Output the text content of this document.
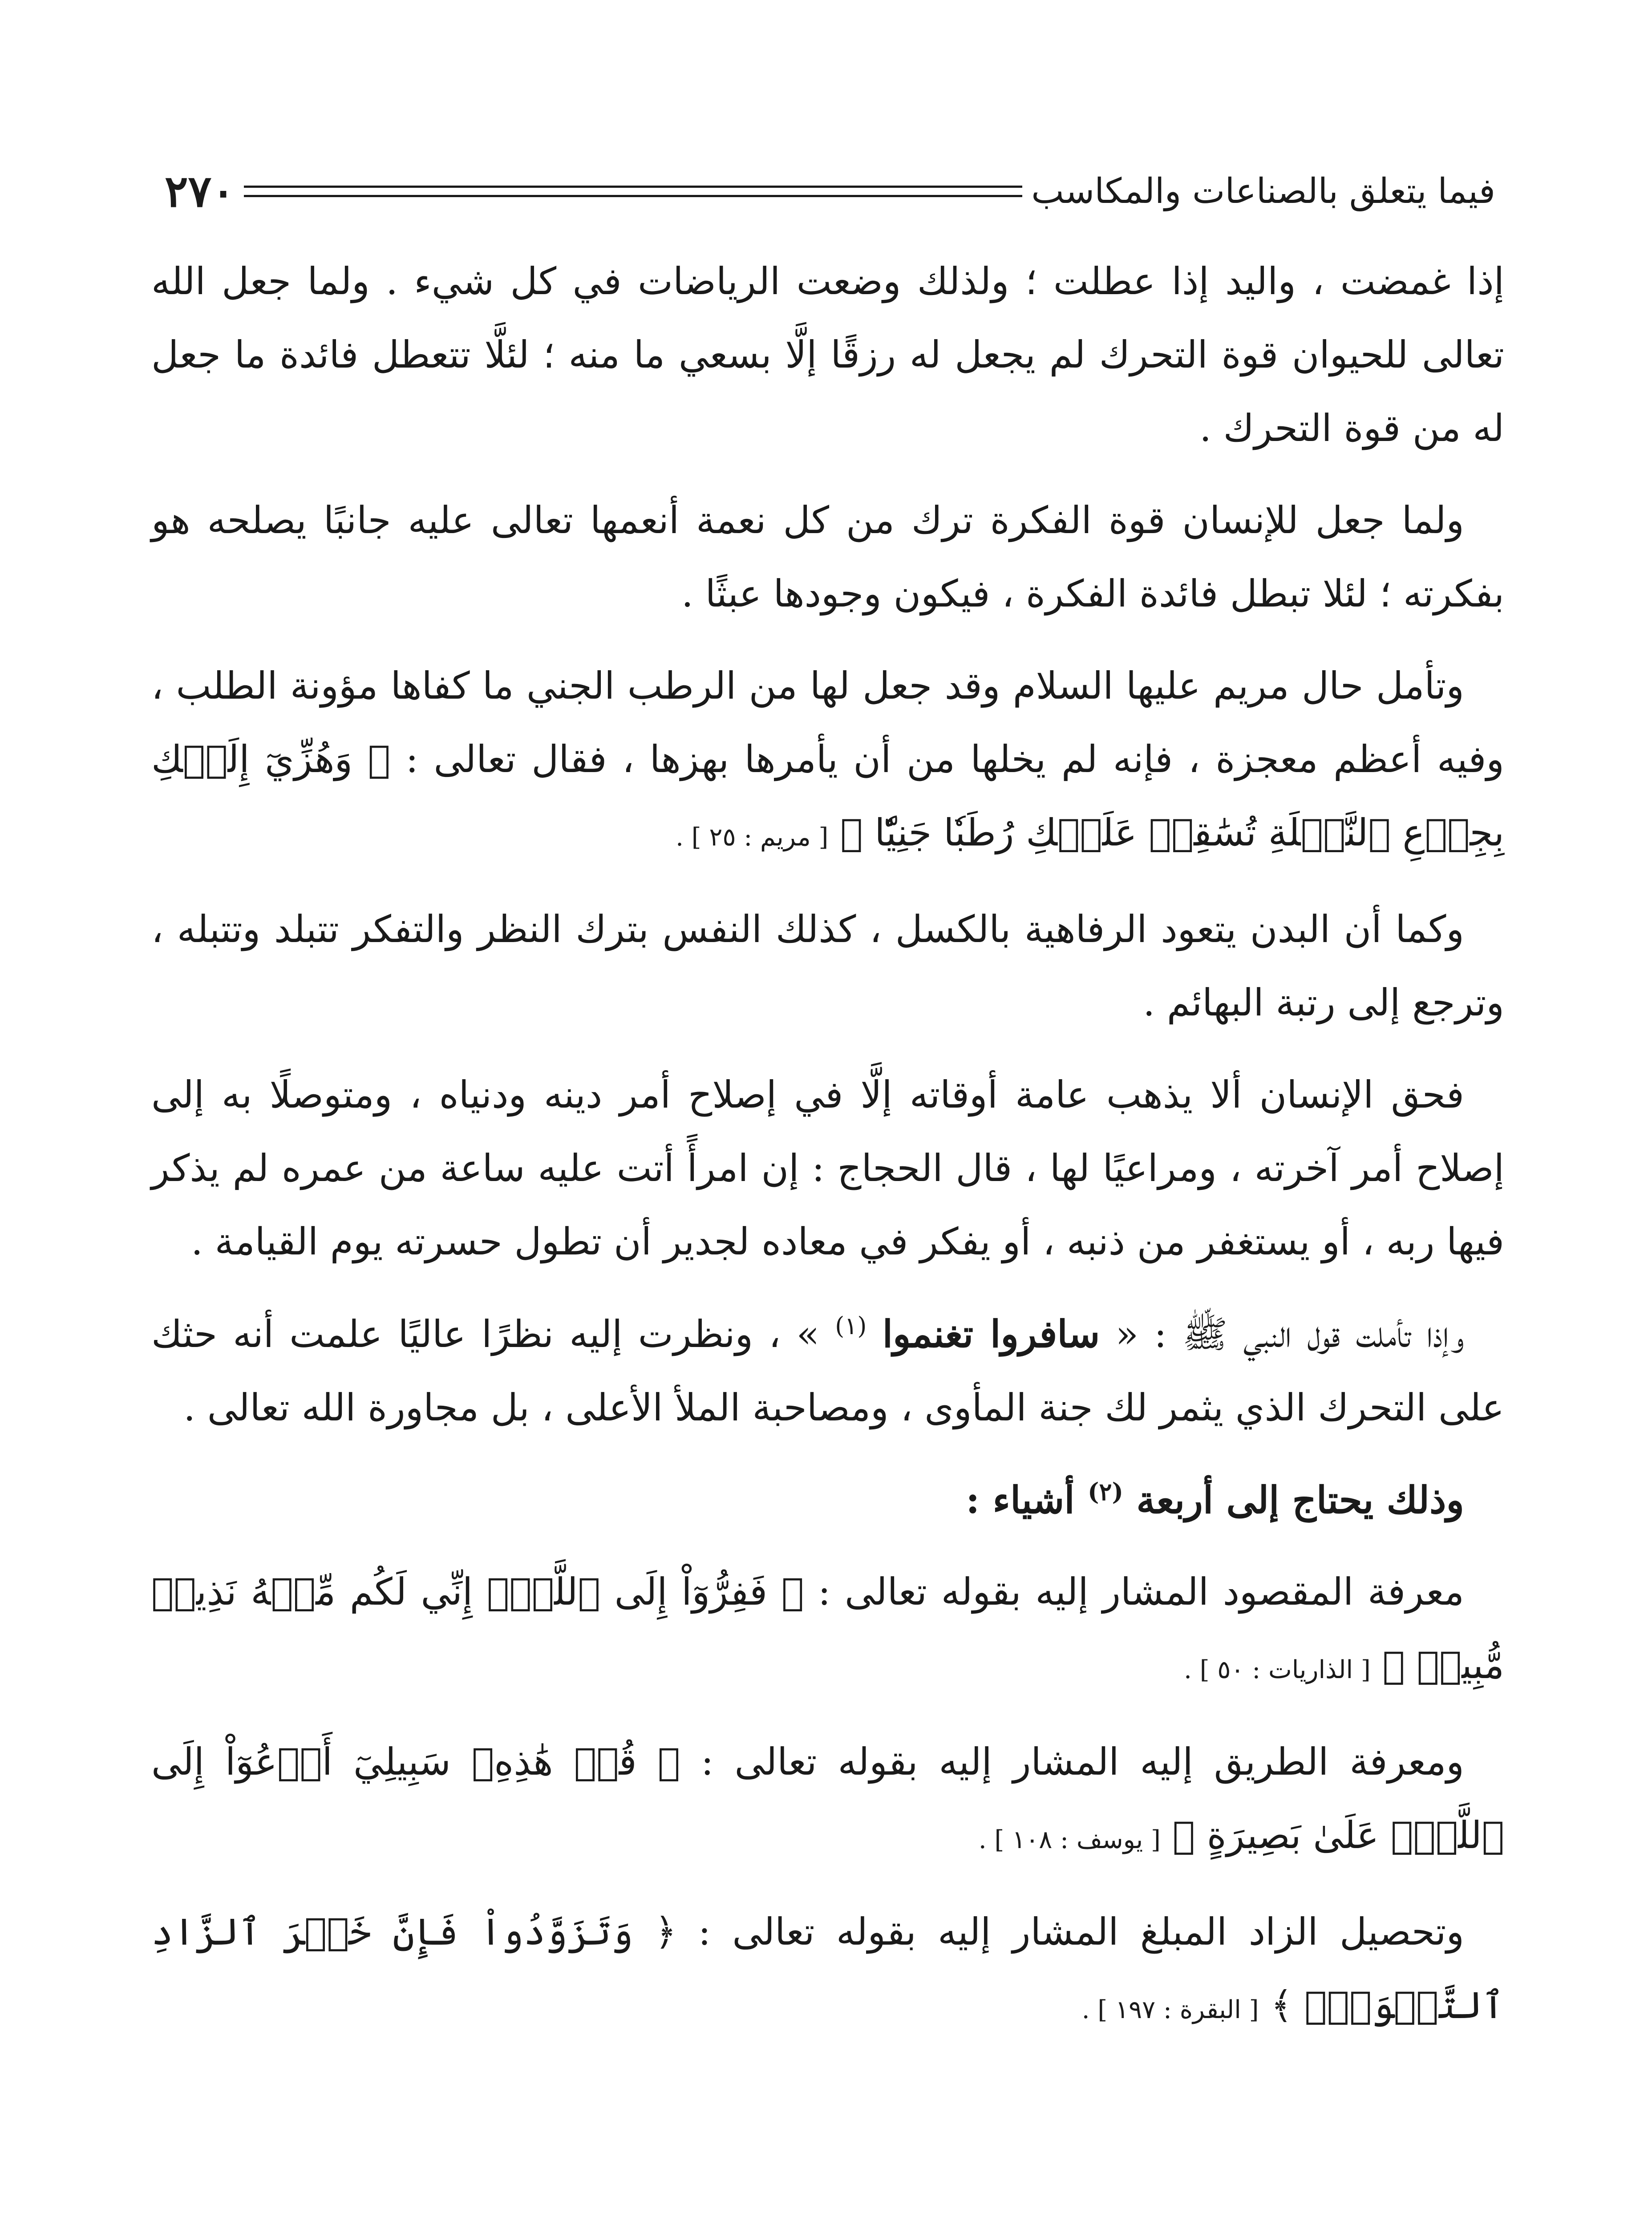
فيما يتعلق بالصناعات والمكاسب
٢٧٠

إذا غمضت ، واليد إذا عطلت ؛ ولذلك وضعت الرياضات في كل شيء . ولما جعل الله تعالى للحيوان قوة التحرك لم يجعل له رزقًا إلَّا بسعي ما منه ؛ لئلَّا تتعطل فائدة ما جعل له من قوة التحرك .

ولما جعل للإنسان قوة الفكرة ترك من كل نعمة أنعمها تعالى عليه جانبًا يصلحه هو بفكرته ؛ لئلا تبطل فائدة الفكرة ، فيكون وجودها عبثًا .

وتأمل حال مريم عليها السلام وقد جعل لها من الرطب الجني ما كفاها مؤونة الطلب ، وفيه أعظم معجزة ، فإنه لم يخلها من أن يأمرها بهزها ، فقال تعالى : ﴿ وَهُزِّيٓ إِلَيۡكِ بِجِذۡعِ ٱلنَّخۡلَةِ تُسَٰقِطۡ عَلَيۡكِ رُطَبٗا جَنِيّٗا ﴾ [ مريم : ٢٥ ] .

وكما أن البدن يتعود الرفاهية بالكسل ، كذلك النفس بترك النظر والتفكر تتبلد وتتبله ، وترجع إلى رتبة البهائم .

فحق الإنسان ألا يذهب عامة أوقاته إلَّا في إصلاح أمر دينه ودنياه ، ومتوصلًا به إلى إصلاح أمر آخرته ، ومراعيًا لها ، قال الحجاج : إن امرأً أتت عليه ساعة من عمره لم يذكر فيها ربه ، أو يستغفر من ذنبه ، أو يفكر في معاده لجدير أن تطول حسرته يوم القيامة .

وإذا تأملت قول النبي ﷺ : « سافروا تغنموا $^{(١)}$ » ، ونظرت إليه نظرًا عاليًا علمت أنه حثك على التحرك الذي يثمر لك جنة المأوى ، ومصاحبة الملأ الأعلى ، بل مجاورة الله تعالى .

وذلك يحتاج إلى أربعة $^{(٢)}$ أشياء :

معرفة المقصود المشار إليه بقوله تعالى : ﴿ فَفِرُّوٓاْ إِلَى ٱللَّهِۖ إِنِّي لَكُم مِّنۡهُ نَذِيرٞ مُّبِينٞ ﴾ [ الذاريات : ٥٠ ] .

ومعرفة الطريق إليه المشار إليه بقوله تعالى : ﴿ قُلۡ هَٰذِهِۦ سَبِيلِيٓ أَدۡعُوٓاْ إِلَى ٱللَّهِۚ عَلَىٰ بَصِيرَةٍ ﴾ [ يوسف : ١٠٨ ] .

وتحصيل الزاد المبلغ المشار إليه بقوله تعالى : ﴿ وَتَزَوَّدُواْ فَإِنَّ خَيۡرَ ٱلزَّادِ ٱلتَّقۡوَىٰۖ ﴾ [ البقرة : ١٩٧ ] .
